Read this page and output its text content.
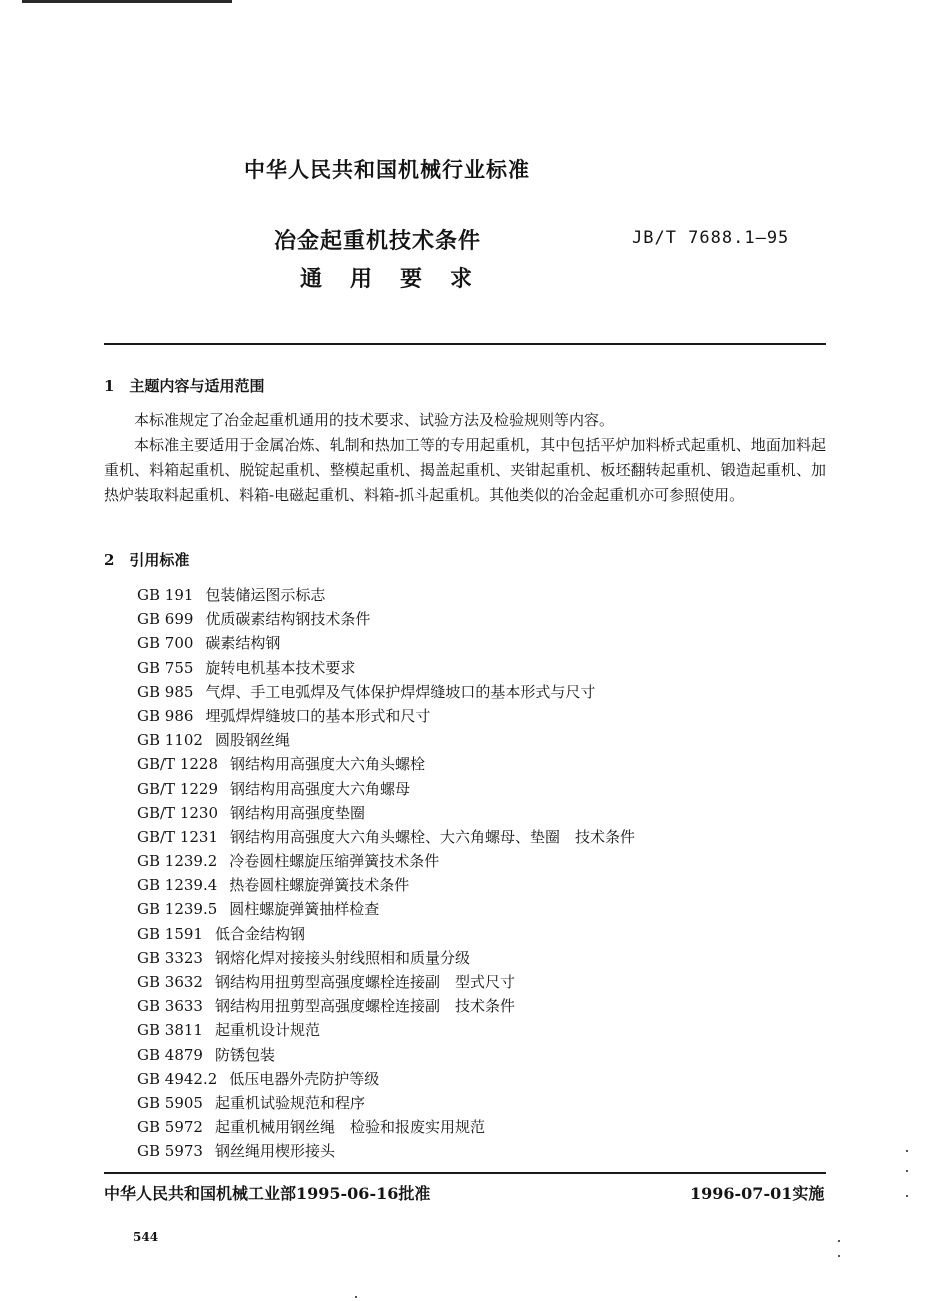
中华人民共和国机械行业标准
冶金起重机技术条件
通用要求
JB/T 7688.1—95
1　主题内容与适用范围
本标准规定了冶金起重机通用的技术要求、试验方法及检验规则等内容。
本标准主要适用于金属冶炼、轧制和热加工等的专用起重机，其中包括平炉加料桥式起重机、地面加料起重机、料箱起重机、脱锭起重机、整模起重机、揭盖起重机、夹钳起重机、板坯翻转起重机、锻造起重机、加热炉装取料起重机、料箱-电磁起重机、料箱-抓斗起重机。其他类似的冶金起重机亦可参照使用。
2　引用标准
GB 191 包装储运图示标志
GB 699 优质碳素结构钢技术条件
GB 700 碳素结构钢
GB 755 旋转电机基本技术要求
GB 985 气焊、手工电弧焊及气体保护焊焊缝坡口的基本形式与尺寸
GB 986 埋弧焊焊缝坡口的基本形式和尺寸
GB 1102 圆股钢丝绳
GB/T 1228 钢结构用高强度大六角头螺栓
GB/T 1229 钢结构用高强度大六角螺母
GB/T 1230 钢结构用高强度垫圈
GB/T 1231 钢结构用高强度大六角头螺栓、大六角螺母、垫圈　技术条件
GB 1239.2 冷卷圆柱螺旋压缩弹簧技术条件
GB 1239.4 热卷圆柱螺旋弹簧技术条件
GB 1239.5 圆柱螺旋弹簧抽样检查
GB 1591 低合金结构钢
GB 3323 钢熔化焊对接接头射线照相和质量分级
GB 3632 钢结构用扭剪型高强度螺栓连接副　型式尺寸
GB 3633 钢结构用扭剪型高强度螺栓连接副　技术条件
GB 3811 起重机设计规范
GB 4879 防锈包装
GB 4942.2 低压电器外壳防护等级
GB 5905 起重机试验规范和程序
GB 5972 起重机械用钢丝绳　检验和报废实用规范
GB 5973 钢丝绳用楔形接头
中华人民共和国机械工业部1995-06-16批准	1996-07-01实施
544
